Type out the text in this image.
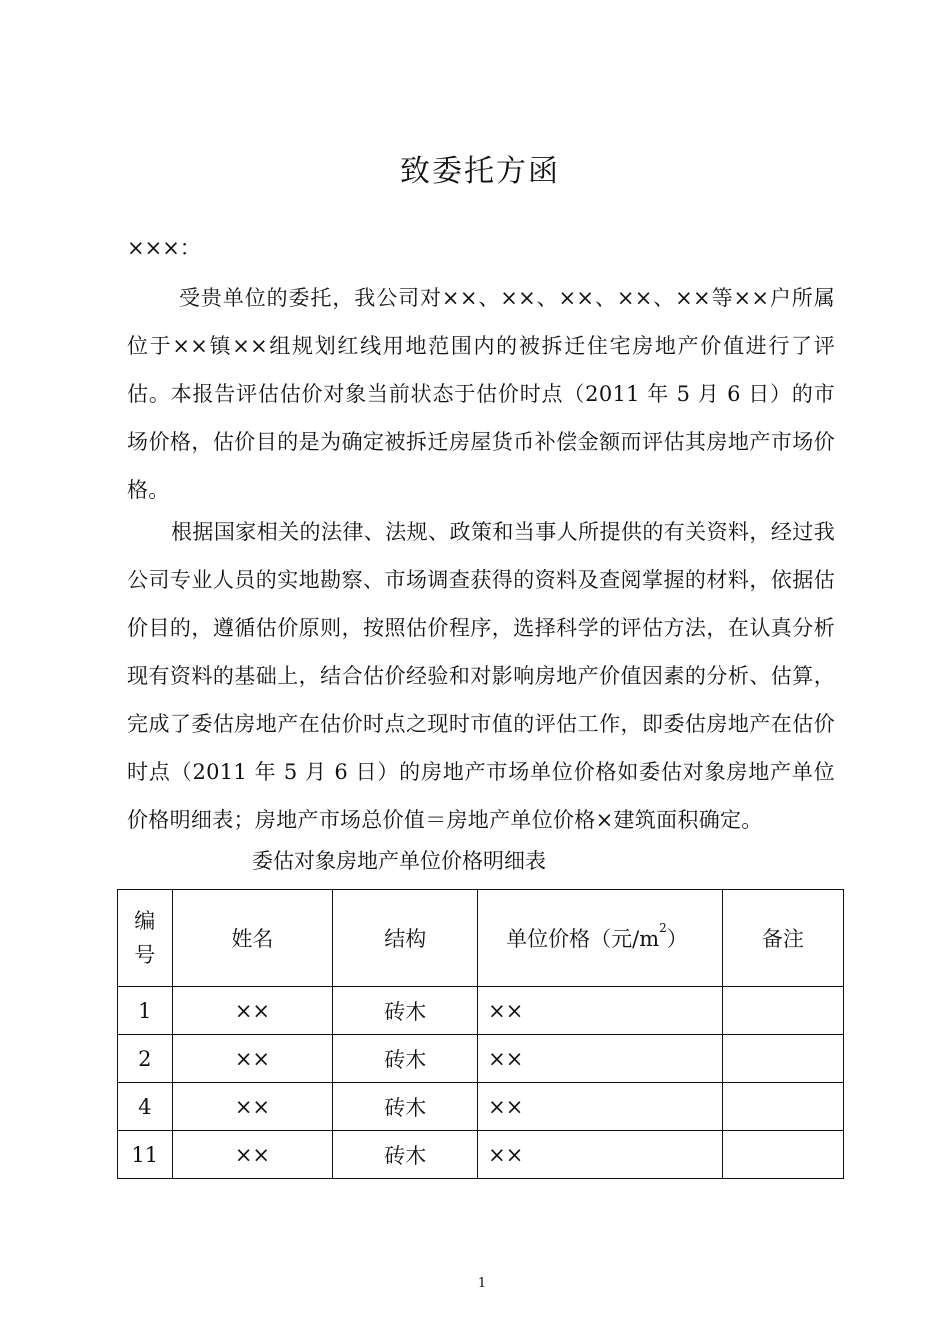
致委托方函

×××：

受贵单位的委托，我公司对××、××、××、××、××等××户所属位于××镇××组规划红线用地范围内的被拆迁住宅房地产价值进行了评估。本报告评估估价对象当前状态于估价时点（2011 年 5 月 6 日）的市场价格，估价目的是为确定被拆迁房屋货币补偿金额而评估其房地产市场价格。

根据国家相关的法律、法规、政策和当事人所提供的有关资料，经过我公司专业人员的实地勘察、市场调查获得的资料及查阅掌握的材料，依据估价目的，遵循估价原则，按照估价程序，选择科学的评估方法，在认真分析现有资料的基础上，结合估价经验和对影响房地产价值因素的分析、估算，完成了委估房地产在估价时点之现时市值的评估工作，即委估房地产在估价时点（2011 年 5 月 6 日）的房地产市场单位价格如委估对象房地产单位价格明细表；房地产市场总价值＝房地产单位价格×建筑面积确定。

委估对象房地产单位价格明细表

编
号	姓名	结构	单位价格（元$/m^2$）	备注
1	××	砖木	××	
2	××	砖木	××	
4	××	砖木	××	
11	××	砖木	××	

1
